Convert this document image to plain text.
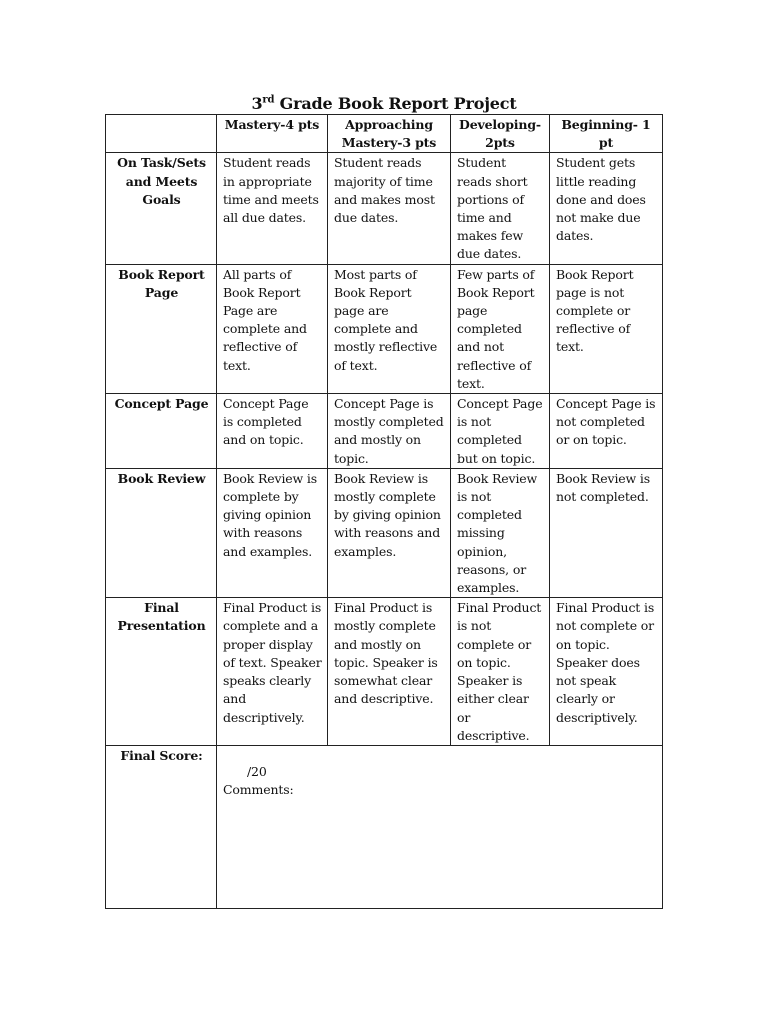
3rd Grade Book Report Project
	Mastery-4 pts	Approaching Mastery-3 pts	Developing-2pts	Beginning- 1 pt
On Task/Sets and Meets Goals	Student reads in appropriate time and meets all due dates.	Student reads majority of time and makes most due dates.	Student reads short portions of time and makes few due dates.	Student gets little reading done and does not make due dates.
Book Report Page	All parts of Book Report Page are complete and reflective of text.	Most parts of Book Report page are complete and mostly reflective of text.	Few parts of Book Report page completed and not reflective of text.	Book Report page is not complete or reflective of text.
Concept Page	Concept Page is completed and on topic.	Concept Page is mostly completed and mostly on topic.	Concept Page is not completed but on topic.	Concept Page is not completed or on topic.
Book Review	Book Review is complete by giving opinion with reasons and examples.	Book Review is mostly complete by giving opinion with reasons and examples.	Book Review is not completed missing opinion, reasons, or examples.	Book Review is not completed.
Final Presentation	Final Product is complete and a proper display of text. Speaker speaks clearly and descriptively.	Final Product is mostly complete and mostly on topic. Speaker is somewhat clear and descriptive.	Final Product is not complete or on topic. Speaker is either clear or descriptive.	Final Product is not complete or on topic. Speaker does not speak clearly or descriptively.
Final Score:	/20
Comments:			
